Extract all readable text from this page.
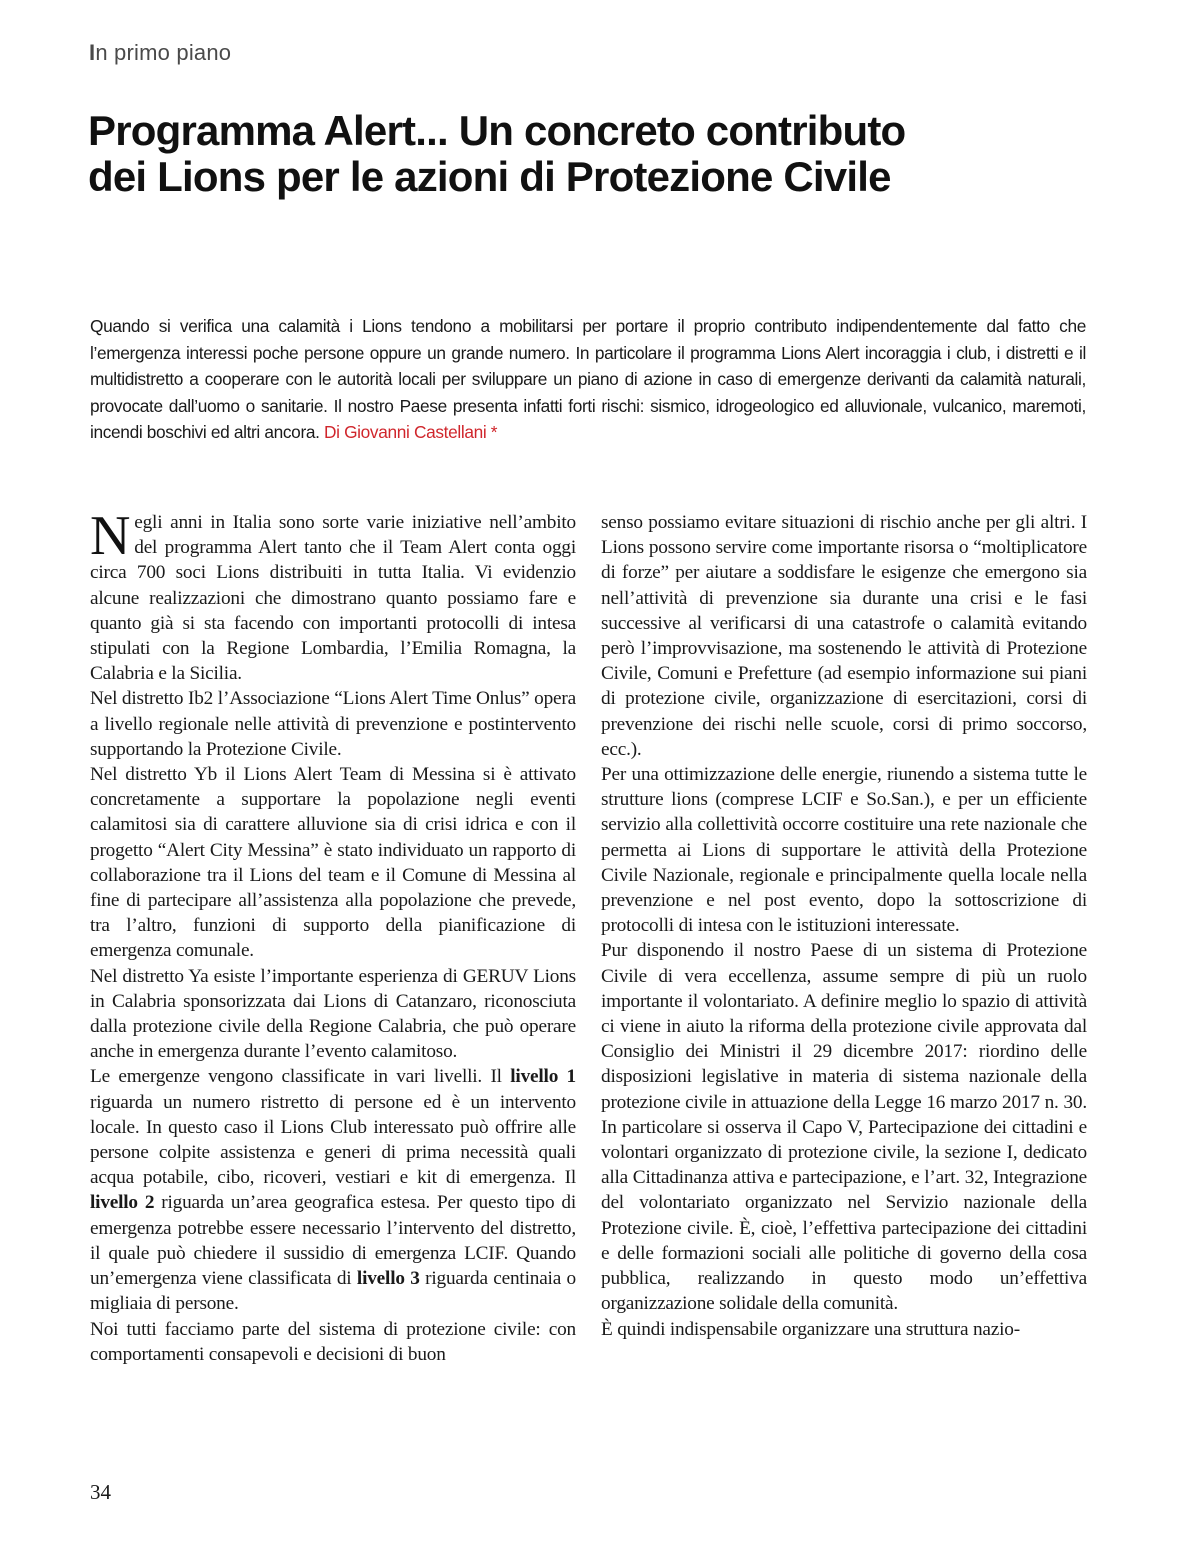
In primo piano
Programma Alert... Un concreto contributo
dei Lions per le azioni di Protezione Civile

Quando si verifica una calamità i Lions tendono a mobilitarsi per portare il proprio contributo indipendentemente dal fatto che l’emergenza interessi poche persone oppure un grande numero. In particolare il programma Lions Alert incoraggia i club, i distretti e il multidistretto a cooperare con le autorità locali per sviluppare un piano di azione in caso di emergenze derivanti da calamità naturali, provocate dall’uomo o sanitarie. Il nostro Paese presenta infatti forti rischi: sismico, idrogeologico ed alluvionale, vulcanico, maremoti, incendi boschivi ed altri ancora. Di Giovanni Castellani *

Negli anni in Italia sono sorte varie iniziative nell’ambito del programma Alert tanto che il Team Alert conta oggi circa 700 soci Lions distribuiti in tutta Italia. Vi evidenzio alcune realizzazioni che dimostrano quanto possiamo fare e quanto già si sta facendo con importanti protocolli di intesa stipulati con la Regione Lombardia, l’Emilia Romagna, la Calabria e la Sicilia.

Nel distretto Ib2 l’Associazione “Lions Alert Time Onlus” opera a livello regionale nelle attività di prevenzione e postintervento supportando la Protezione Civile.

Nel distretto Yb il Lions Alert Team di Messina si è attivato concretamente a supportare la popolazione negli eventi calamitosi sia di carattere alluvione sia di crisi idrica e con il progetto “Alert City Messina” è stato individuato un rapporto di collaborazione tra il Lions del team e il Comune di Messina al fine di partecipare all’assistenza alla popolazione che prevede, tra l’altro, funzioni di supporto della pianificazione di emergenza comunale.

Nel distretto Ya esiste l’importante esperienza di GERUV Lions in Calabria sponsorizzata dai Lions di Catanzaro, riconosciuta dalla protezione civile della Regione Calabria, che può operare anche in emergenza durante l’evento calamitoso.

Le emergenze vengono classificate in vari livelli. Il livello 1 riguarda un numero ristretto di persone ed è un intervento locale. In questo caso il Lions Club interessato può offrire alle persone colpite assistenza e generi di prima necessità quali acqua potabile, cibo, ricoveri, vestiari e kit di emergenza. Il livello 2 riguarda un’area geografica estesa. Per questo tipo di emergenza potrebbe essere necessario l’intervento del distretto, il quale può chiedere il sussidio di emergenza LCIF. Quando un’emergenza viene classificata di livello 3 riguarda centinaia o migliaia di persone.

Noi tutti facciamo parte del sistema di protezione civile: con comportamenti consapevoli e decisioni di buon

senso possiamo evitare situazioni di rischio anche per gli altri. I Lions possono servire come importante risorsa o “moltiplicatore di forze” per aiutare a soddisfare le esigenze che emergono sia nell’attività di prevenzione sia durante una crisi e le fasi successive al verificarsi di una catastrofe o calamità evitando però l’improvvisazione, ma sostenendo le attività di Protezione Civile, Comuni e Prefetture (ad esempio informazione sui piani di protezione civile, organizzazione di esercitazioni, corsi di prevenzione dei rischi nelle scuole, corsi di primo soccorso, ecc.).

Per una ottimizzazione delle energie, riunendo a sistema tutte le strutture lions (comprese LCIF e So.San.), e per un efficiente servizio alla collettività occorre costituire una rete nazionale che permetta ai Lions di supportare le attività della Protezione Civile Nazionale, regionale e principalmente quella locale nella prevenzione e nel post evento, dopo la sottoscrizione di protocolli di intesa con le istituzioni interessate.

Pur disponendo il nostro Paese di un sistema di Protezione Civile di vera eccellenza, assume sempre di più un ruolo importante il volontariato. A definire meglio lo spazio di attività ci viene in aiuto la riforma della protezione civile approvata dal Consiglio dei Ministri il 29 dicembre 2017: riordino delle disposizioni legislative in materia di sistema nazionale della protezione civile in attuazione della Legge 16 marzo 2017 n. 30. In particolare si osserva il Capo V, Partecipazione dei cittadini e volontari organizzato di protezione civile, la sezione I, dedicato alla Cittadinanza attiva e partecipazione, e l’art. 32, Integrazione del volontariato organizzato nel Servizio nazionale della Protezione civile. È, cioè, l’effettiva partecipazione dei cittadini e delle formazioni sociali alle politiche di governo della cosa pubblica, realizzando in questo modo un’effettiva organizzazione solidale della comunità.

È quindi indispensabile organizzare una struttura nazio-

34
